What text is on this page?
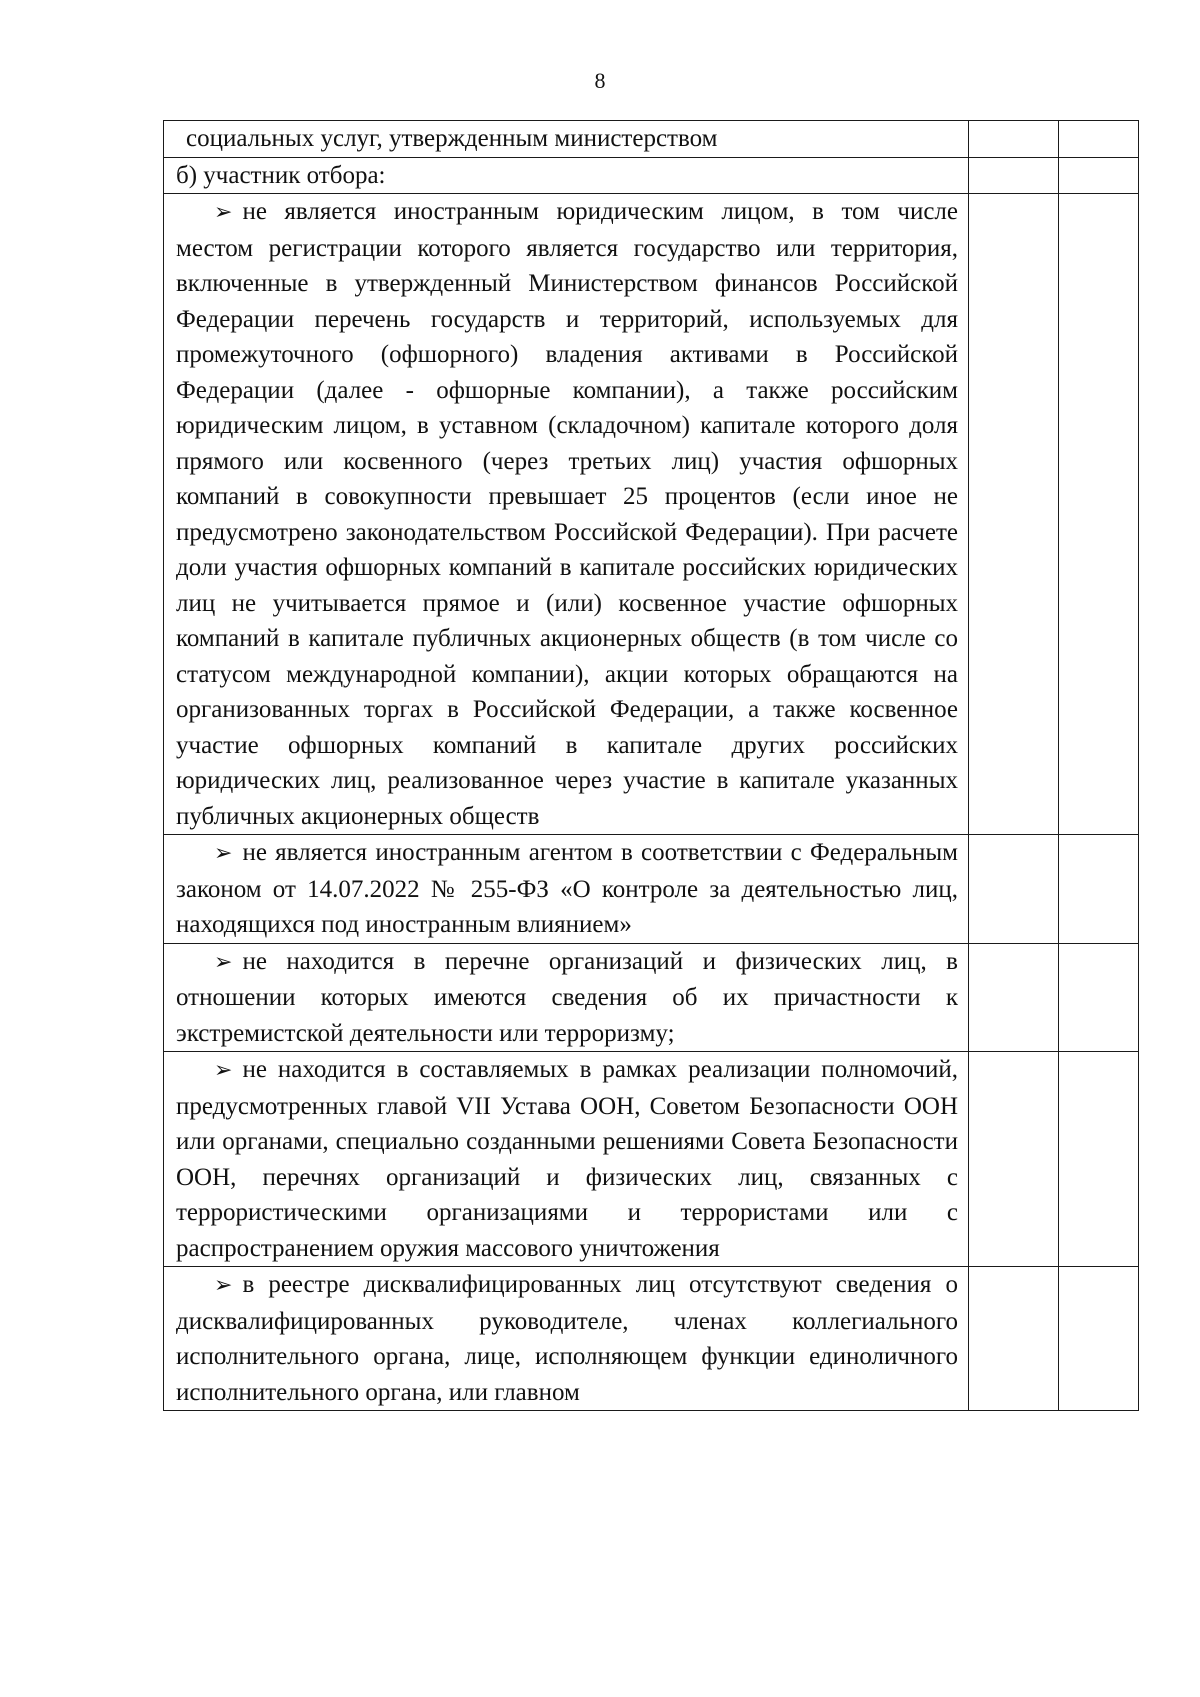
8
социальных услуг, утвержденным министерством		
б) участник отбора:		

➢ не является иностранным юридическим лицом, в том числе местом регистрации которого является государство или территория, включенные в утвержденный Министерством финансов Российской Федерации перечень государств и территорий, используемых для промежуточного (офшорного) владения активами в Российской Федерации (далее - офшорные компании), а также российским юридическим лицом, в уставном (складочном) капитале которого доля прямого или косвенного (через третьих лиц) участия офшорных компаний в совокупности превышает 25 процентов (если иное не предусмотрено законодательством Российской Федерации). При расчете доли участия офшорных компаний в капитале российских юридических лиц не учитывается прямое и (или) косвенное участие офшорных компаний в капитале публичных акционерных обществ (в том числе со статусом международной компании), акции которых обращаются на организованных торгах в Российской Федерации, а также косвенное участие офшорных компаний в капитале других российских юридических лиц, реализованное через участие в капитале указанных публичных акционерных обществ		

➢ не является иностранным агентом в соответствии с Федеральным законом от 14.07.2022 № 255-ФЗ «О контроле за деятельностью лиц, находящихся под иностранным влиянием»		

➢ не находится в перечне организаций и физических лиц, в отношении которых имеются сведения об их причастности к экстремистской деятельности или терроризму;		

➢ не находится в составляемых в рамках реализации полномочий, предусмотренных главой VII Устава ООН, Советом Безопасности ООН или органами, специально созданными решениями Совета Безопасности ООН, перечнях организаций и физических лиц, связанных с террористическими организациями и террористами или с распространением оружия массового уничтожения		

➢ в реестре дисквалифицированных лиц отсутствуют сведения о дисквалифицированных руководителе, членах коллегиального исполнительного органа, лице, исполняющем функции единоличного исполнительного органа, или главном		
